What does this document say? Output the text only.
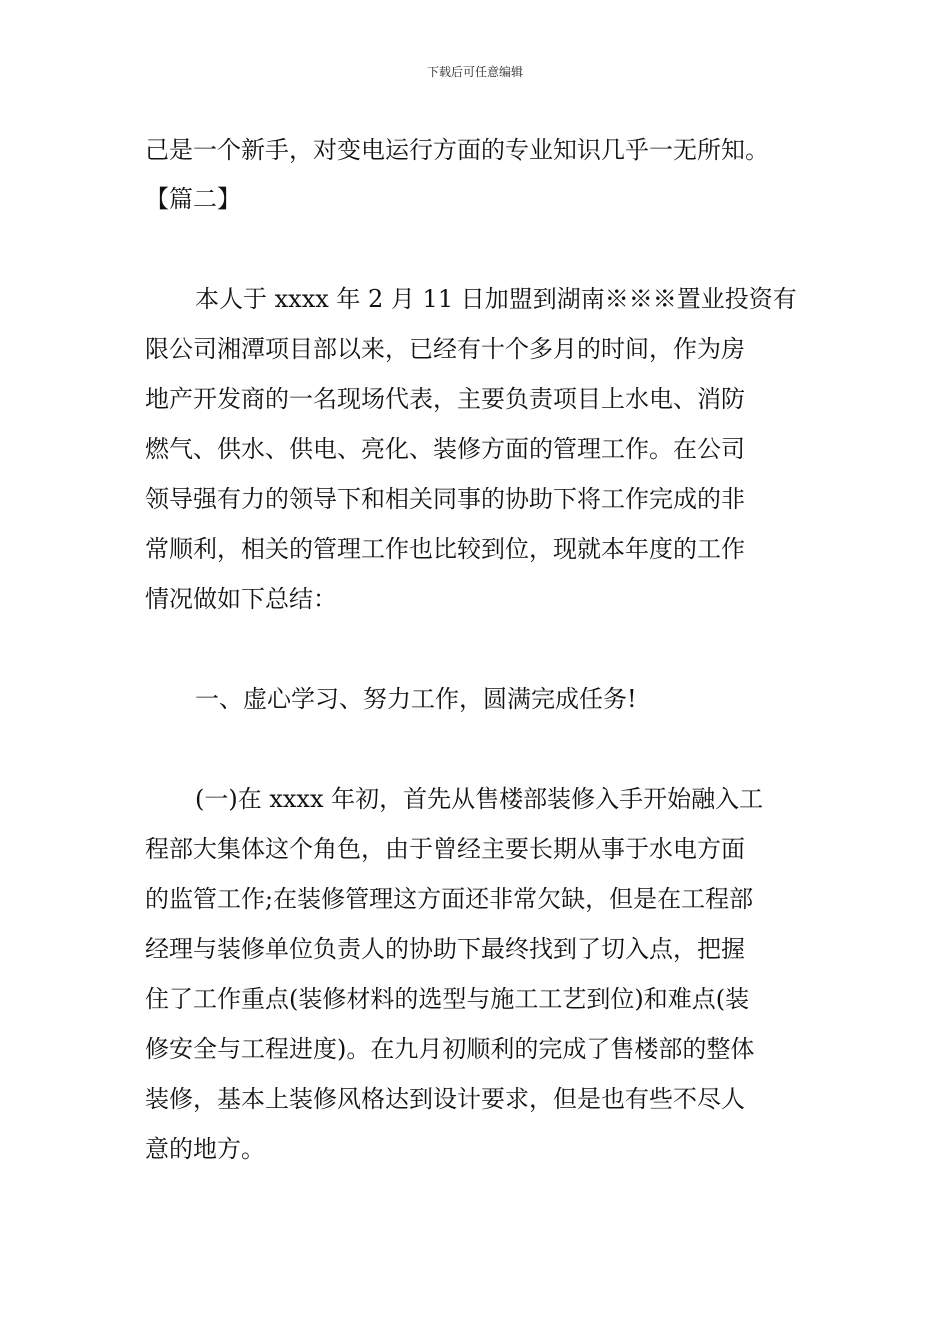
下载后可任意编辑
己是一个新手，对变电运行方面的专业知识几乎一无所知。
【篇二】
本人于 xxxx 年 2 月 11 日加盟到湖南※※※置业投资有
限公司湘潭项目部以来，已经有十个多月的时间，作为房
地产开发商的一名现场代表，主要负责项目上水电、消防
燃气、供水、供电、亮化、装修方面的管理工作。在公司
领导强有力的领导下和相关同事的协助下将工作完成的非
常顺利，相关的管理工作也比较到位，现就本年度的工作
情况做如下总结：
一、虚心学习、努力工作，圆满完成任务!
(一)在 xxxx 年初，首先从售楼部装修入手开始融入工
程部大集体这个角色，由于曾经主要长期从事于水电方面
的监管工作;在装修管理这方面还非常欠缺，但是在工程部
经理与装修单位负责人的协助下最终找到了切入点，把握
住了工作重点(装修材料的选型与施工工艺到位)和难点(装
修安全与工程进度)。在九月初顺利的完成了售楼部的整体
装修，基本上装修风格达到设计要求，但是也有些不尽人
意的地方。
